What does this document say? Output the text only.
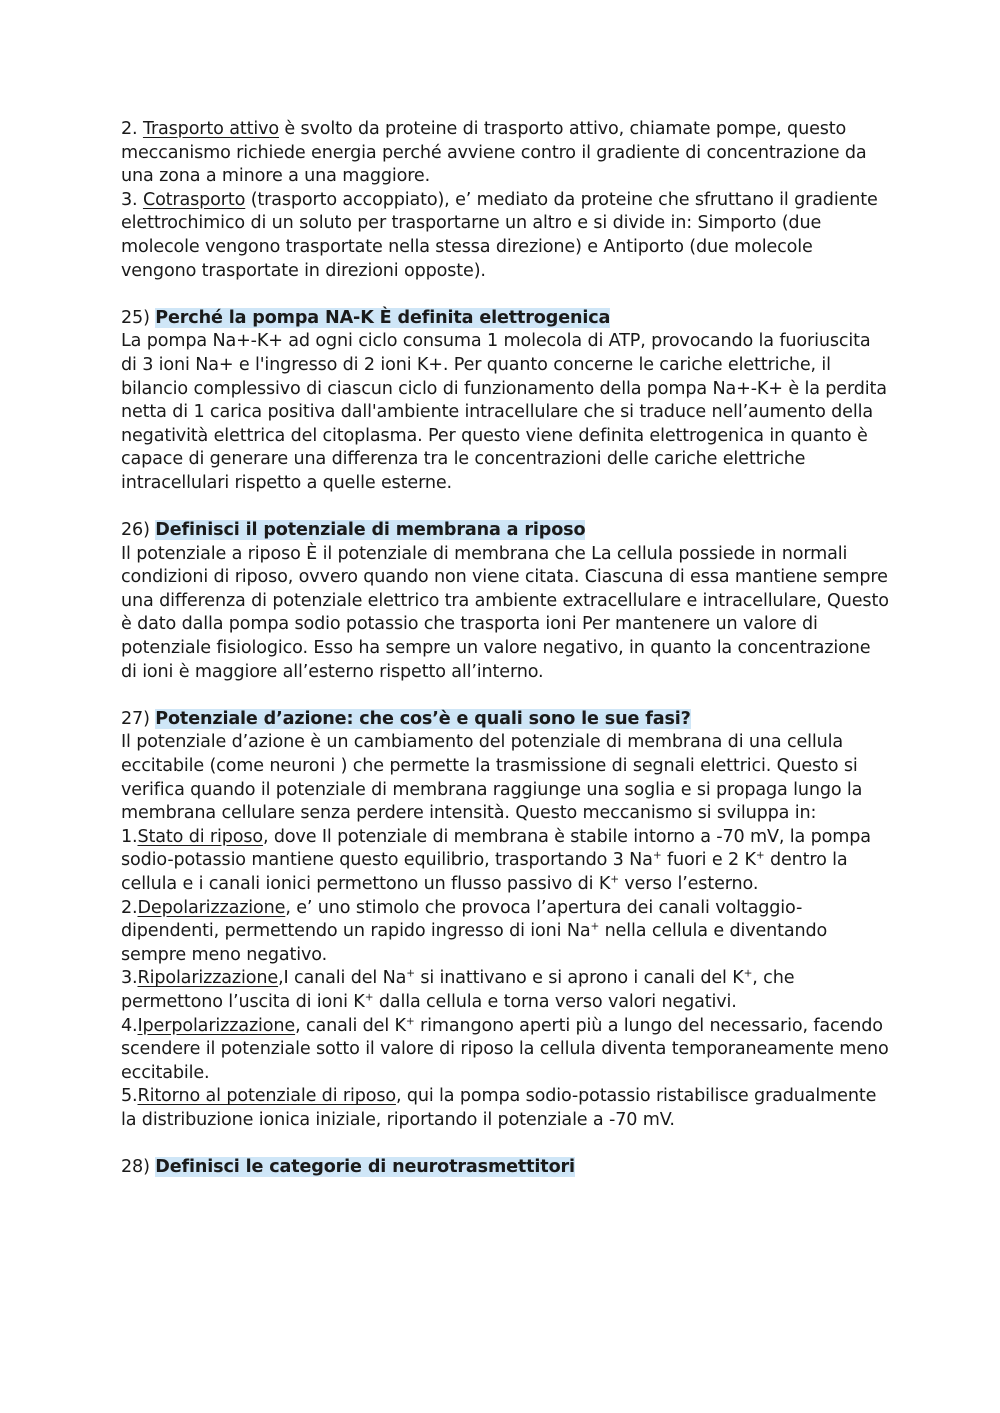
2. Trasporto attivo è svolto da proteine di trasporto attivo, chiamate pompe, questo meccanismo richiede energia perché avviene contro il gradiente di concentrazione da una zona a minore a una maggiore.

3. Cotrasporto (trasporto accoppiato), e’ mediato da proteine che sfruttano il gradiente elettrochimico di un soluto per trasportarne un altro e si divide in: Simporto (due molecole vengono trasportate nella stessa direzione) e Antiporto (due molecole vengono trasportate in direzioni opposte).

25) Perché la pompa NA-K È definita elettrogenica

La pompa Na+-K+ ad ogni ciclo consuma 1 molecola di ATP, provocando la fuoriuscita di 3 ioni Na+ e l'ingresso di 2 ioni K+. Per quanto concerne le cariche elettriche, il bilancio complessivo di ciascun ciclo di funzionamento della pompa Na+-K+ è la perdita netta di 1 carica positiva dall'ambiente intracellulare che si traduce nell’aumento della negatività elettrica del citoplasma. Per questo viene definita elettrogenica in quanto è capace di generare una differenza tra le concentrazioni delle cariche elettriche intracellulari rispetto a quelle esterne.

26) Definisci il potenziale di membrana a riposo

Il potenziale a riposo È il potenziale di membrana che La cellula possiede in normali condizioni di riposo, ovvero quando non viene citata. Ciascuna di essa mantiene sempre una differenza di potenziale elettrico tra ambiente extracellulare e intracellulare, Questo è dato dalla pompa sodio potassio che trasporta ioni Per mantenere un valore di potenziale fisiologico. Esso ha sempre un valore negativo, in quanto la concentrazione di ioni è maggiore all’esterno rispetto all’interno.

27) Potenziale d’azione: che cos’è e quali sono le sue fasi?

Il potenziale d’azione è un cambiamento del potenziale di membrana di una cellula eccitabile (come neuroni ) che permette la trasmissione di segnali elettrici. Questo si verifica quando il potenziale di membrana raggiunge una soglia e si propaga lungo la membrana cellulare senza perdere intensità. Questo meccanismo si sviluppa in:

1.Stato di riposo, dove Il potenziale di membrana è stabile intorno a -70 mV, la pompa sodio-potassio mantiene questo equilibrio, trasportando 3 Na+ fuori e 2 K+ dentro la cellula e i canali ionici permettono un flusso passivo di K+ verso l’esterno.

2.Depolarizzazione, e’ uno stimolo che provoca l’apertura dei canali voltaggio-dipendenti, permettendo un rapido ingresso di ioni Na+ nella cellula e diventando sempre meno negativo.

3.Ripolarizzazione,I canali del Na+ si inattivano e si aprono i canali del K+, che permettono l’uscita di ioni K+ dalla cellula e torna verso valori negativi.

4.Iperpolarizzazione, canali del K+ rimangono aperti più a lungo del necessario, facendo scendere il potenziale sotto il valore di riposo la cellula diventa temporaneamente meno eccitabile.

5.Ritorno al potenziale di riposo, qui la pompa sodio-potassio ristabilisce gradualmente la distribuzione ionica iniziale, riportando il potenziale a -70 mV.

28) Definisci le categorie di neurotrasmettitori
